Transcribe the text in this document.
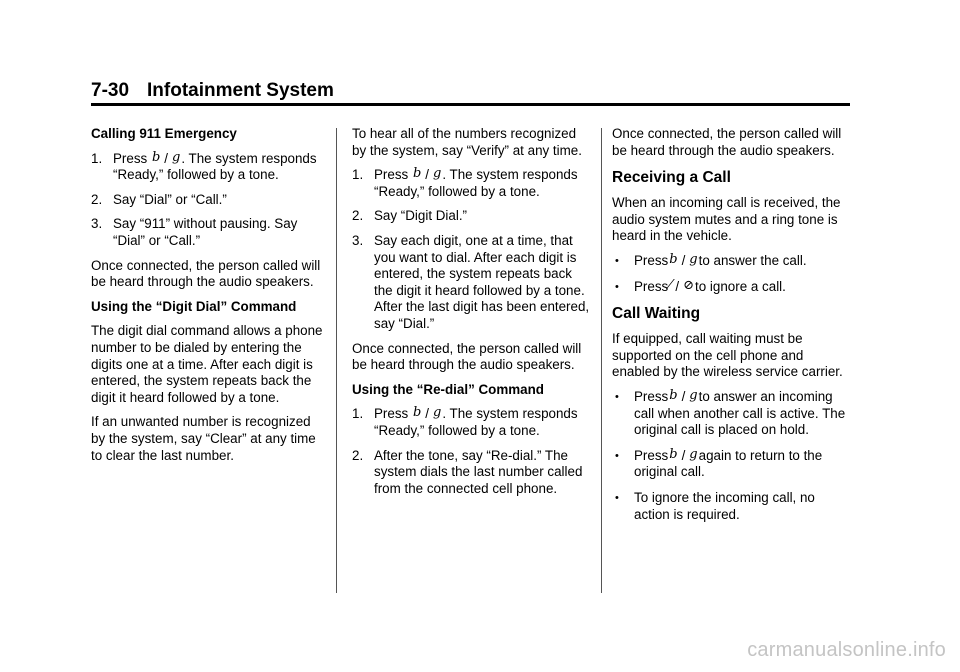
7-30 Infotainment System

Calling 911 Emergency

1. Press b / g. The system responds “Ready,” followed by a tone.
2. Say “Dial” or “Call.”
3. Say “911” without pausing. Say “Dial” or “Call.”

Once connected, the person called will be heard through the audio speakers.

Using the “Digit Dial” Command

The digit dial command allows a phone number to be dialed by entering the digits one at a time. After each digit is entered, the system repeats back the digit it heard followed by a tone.

If an unwanted number is recognized by the system, say “Clear” at any time to clear the last number.

To hear all of the numbers recognized by the system, say “Verify” at any time.

1. Press b / g. The system responds “Ready,” followed by a tone.
2. Say “Digit Dial.”
3. Say each digit, one at a time, that you want to dial. After each digit is entered, the system repeats back the digit it heard followed by a tone. After the last digit has been entered, say “Dial.”

Once connected, the person called will be heard through the audio speakers.

Using the “Re-dial” Command

1. Press b / g. The system responds “Ready,” followed by a tone.
2. After the tone, say “Re-dial.” The system dials the last number called from the connected cell phone.

Once connected, the person called will be heard through the audio speakers.

Receiving a Call

When an incoming call is received, the audio system mutes and a ring tone is heard in the vehicle.

• Pressb / gto answer the call.
• Press⁄ / ⊘to ignore a call.
Call Waiting

If equipped, call waiting must be supported on the cell phone and enabled by the wireless service carrier.

• Pressb / gto answer an incoming call when another call is active. The original call is placed on hold.
• Pressb / gagain to return to the original call.
• To ignore the incoming call, no action is required.
carmanualsonline.info
